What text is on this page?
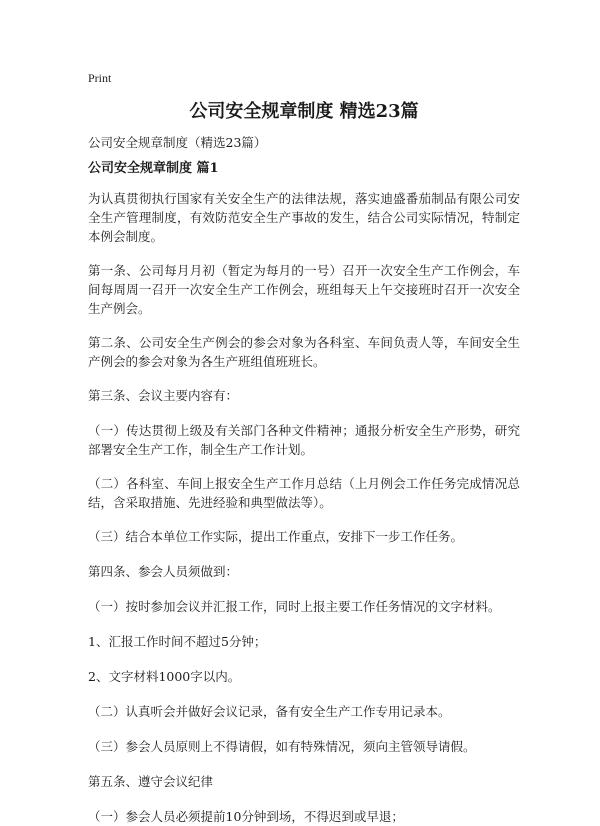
Print
公司安全规章制度 精选23篇
公司安全规章制度（精选23篇）
公司安全规章制度 篇1

为认真贯彻执行国家有关安全生产的法律法规，落实迪盛番茄制品有限公司安全生产管理制度，有效防范安全生产事故的发生，结合公司实际情况，特制定本例会制度。

第一条、公司每月月初（暂定为每月的一号）召开一次安全生产工作例会，车间每周周一召开一次安全生产工作例会，班组每天上午交接班时召开一次安全生产例会。

第二条、公司安全生产例会的参会对象为各科室、车间负责人等，车间安全生产例会的参会对象为各生产班组值班班长。

第三条、会议主要内容有：

（一）传达贯彻上级及有关部门各种文件精神；通报分析安全生产形势，研究部署安全生产工作，制全生产工作计划。

（二）各科室、车间上报安全生产工作月总结（上月例会工作任务完成情况总结，含采取措施、先进经验和典型做法等）。

（三）结合本单位工作实际，提出工作重点，安排下一步工作任务。

第四条、参会人员须做到：

（一）按时参加会议并汇报工作，同时上报主要工作任务情况的文字材料。

1、汇报工作时间不超过5分钟；

2、文字材料1000字以内。

（二）认真听会并做好会议记录，备有安全生产工作专用记录本。

（三）参会人员原则上不得请假，如有特殊情况，须向主管领导请假。

第五条、遵守会议纪律

（一）参会人员必须提前10分钟到场，不得迟到或早退；
